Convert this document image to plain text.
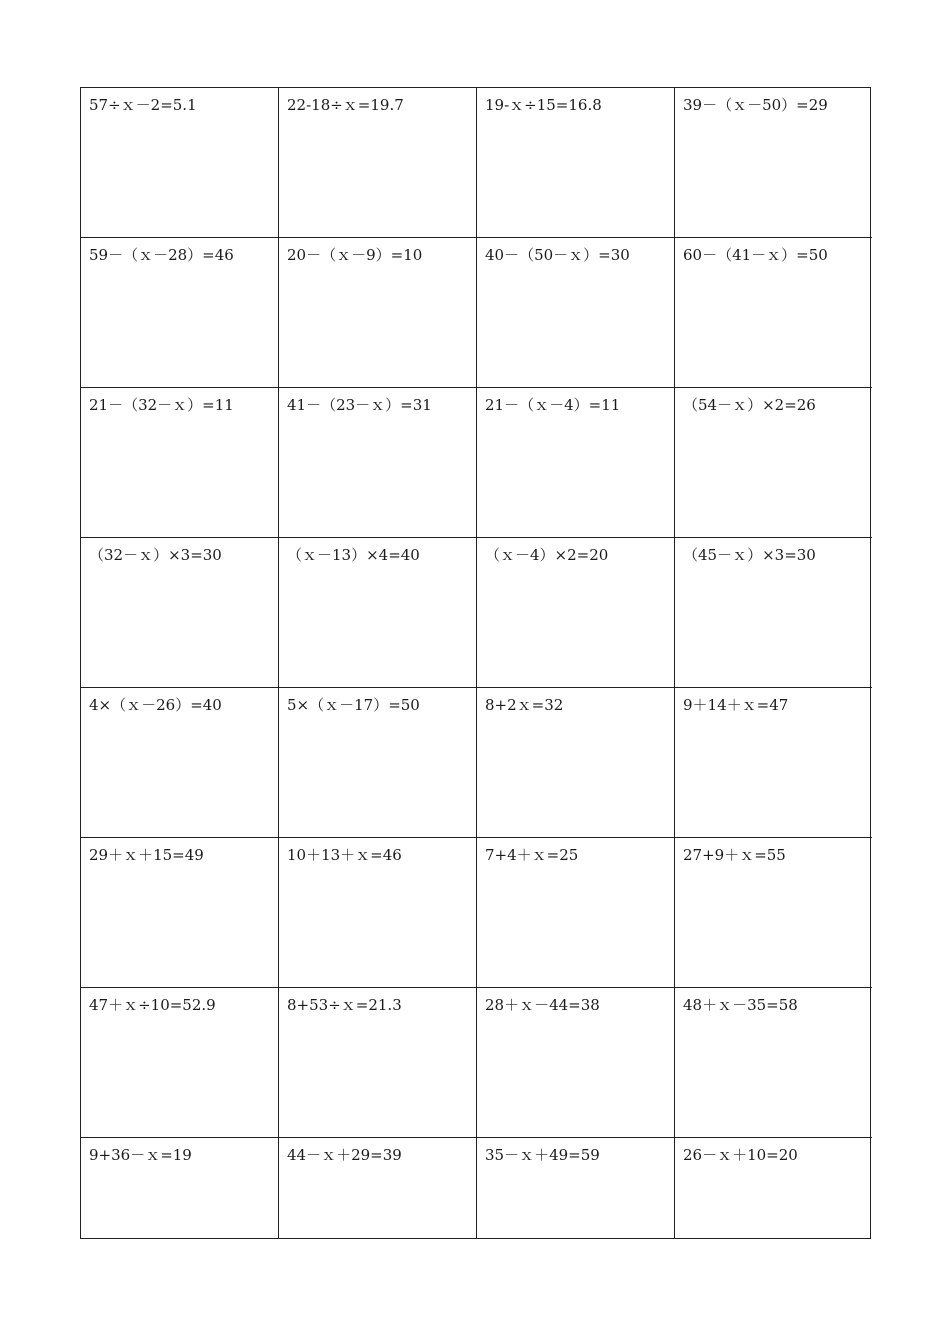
57÷ｘ－2=5.1	22-18÷ｘ=19.7	19-ｘ÷15=16.8	39－（ｘ－50）=29
59－（ｘ－28）=46	20－（ｘ－9）=10	40－（50－ｘ）=30	60－（41－ｘ）=50
21－（32－ｘ）=11	41－（23－ｘ）=31	21－（ｘ－4）=11	（54－ｘ）×2=26
（32－ｘ）×3=30	（ｘ－13）×4=40	（ｘ－4）×2=20	（45－ｘ）×3=30
4×（ｘ－26）=40	5×（ｘ－17）=50	8+2ｘ=32	9＋14＋ｘ=47
29＋ｘ＋15=49	10＋13＋ｘ=46	7+4＋ｘ=25	27+9＋ｘ=55
47＋ｘ÷10=52.9	8+53÷ｘ=21.3	28＋ｘ－44=38	48＋ｘ－35=58
9+36－ｘ=19	44－ｘ＋29=39	35－ｘ＋49=59	26－ｘ＋10=20
